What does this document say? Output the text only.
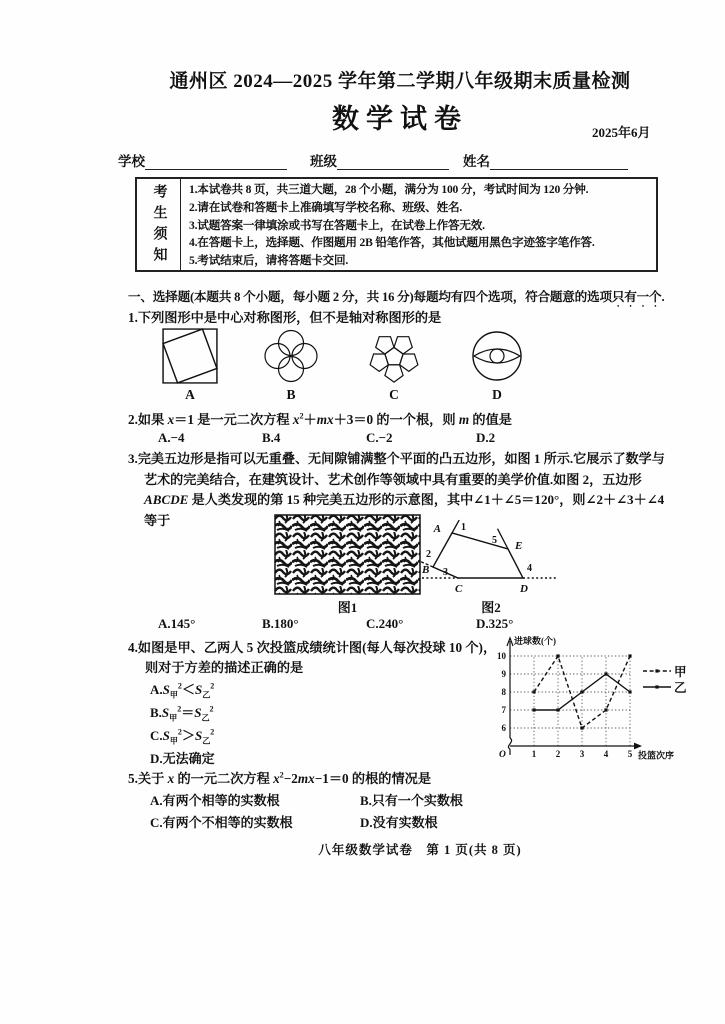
通州区 2024—2025 学年第二学期八年级期末质量检测
数学试卷	2025年6月
学校	班级	姓名
考生须知	1.本试卷共 8 页，共三道大题，28 个小题，满分为 100 分，考试时间为 120 分钟.
2.请在试卷和答题卡上准确填写学校名称、班级、姓名.
3.试题答案一律填涂或书写在答题卡上，在试卷上作答无效.
4.在答题卡上，选择题、作图题用 2B 铅笔作答，其他试题用黑色字迹签字笔作答.
5.考试结束后，请将答题卡交回.
一、选择题(本题共 8 个小题，每小题 2 分，共 16 分)每题均有四个选项，符合题意的选项只有一个.
1.下列图形中是中心对称图形，但不是轴对称图形的是
A	B	C	D
2.如果 x＝1 是一元二次方程 $x^2+mx+3=0$ 的一个根，则 m 的值是
A.−4	B.4	C.−2	D.2
3.完美五边形是指可以无重叠、无间隙铺满整个平面的凸五边形，如图 1 所示.它展示了数学与艺术的完美结合，在建筑设计、艺术创作等领域中具有重要的美学价值.如图 2，五边形 ABCDE 是人类发现的第 15 种完美五边形的示意图，其中∠1＋∠5＝120°，则∠2＋∠3＋∠4 等于
图1
A
B
C	D
E
1
2
3	4
5
图2
A.145°	B.180°	C.240°	D.325°
4.如图是甲、乙两人 5 次投篮成绩统计图(每人每次投球 10 个)，
则对于方差的描述正确的是
$A.S_甲^2<S_乙^2$
$B.S_甲^2=S_乙^2$
$C.S_甲^2>S_乙^2$
D.无法确定
6
7
8
9
10
1 2 3 4 5
进球数(个)
投篮次序
O
甲
乙
5.关于 x 的一元二次方程 $x^2-2mx-1=0$ 的根的情况是
A.有两个相等的实数根	B.只有一个实数根
C.有两个不相等的实数根	D.没有实数根
八年级数学试卷　第 1 页(共 8 页)
